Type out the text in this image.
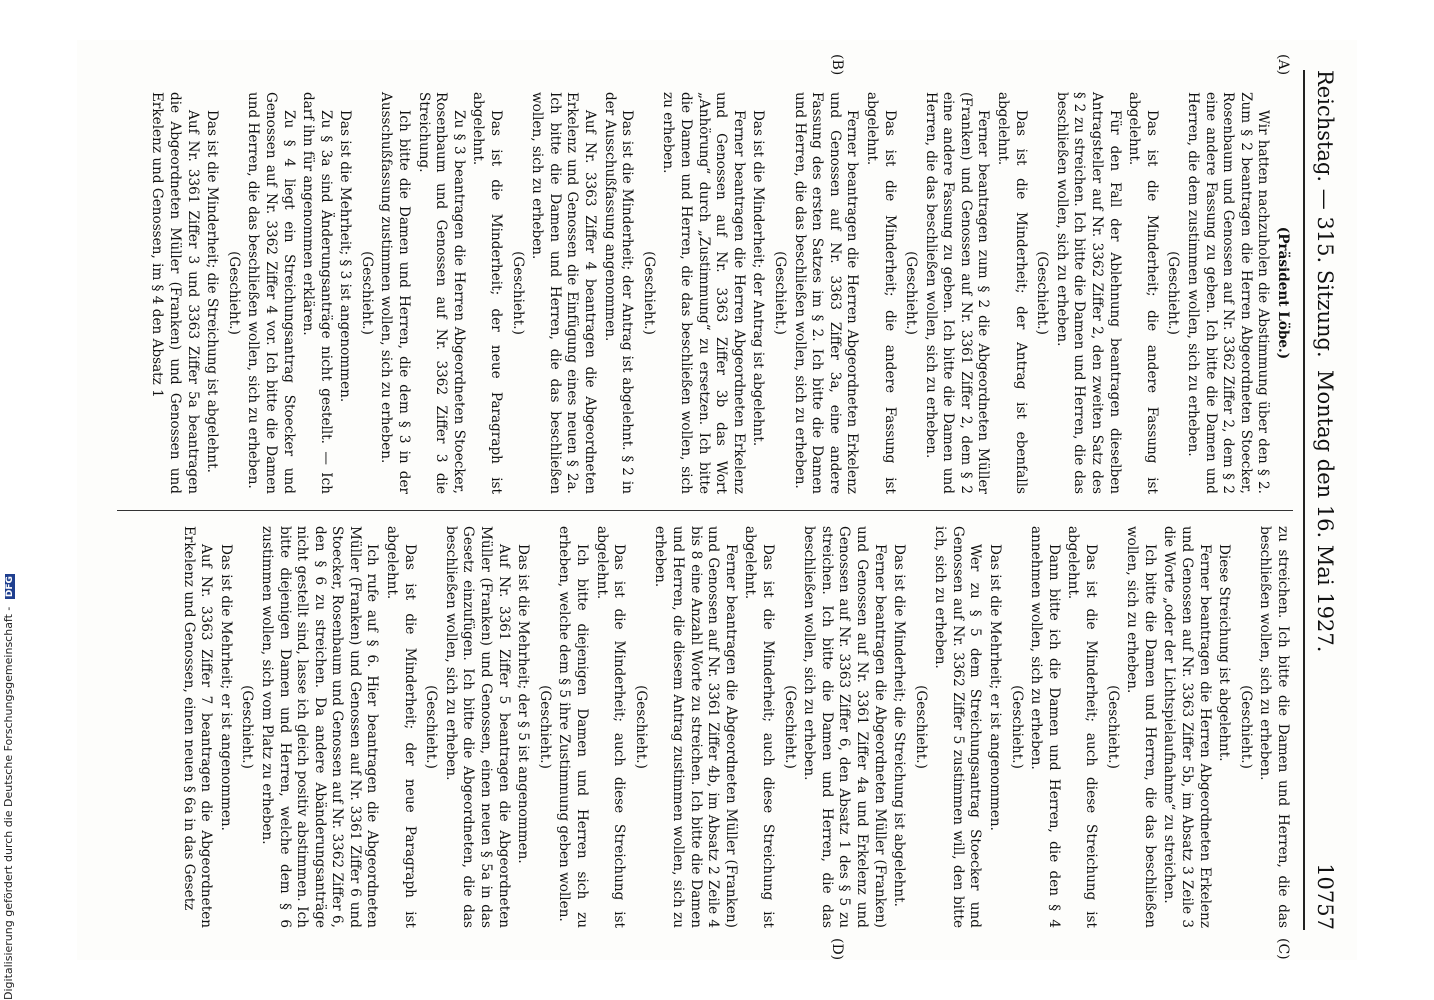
Reichstag. — 315. Sitzung.
Montag den 16. Mai 1927.
10757
(A)
(B)
(C)
(D)

(Präsident Löbe.)

Wir hatten nachzuholen die Abstimmung über den § 2. Zum § 2 beantragen die Herren Abgeordneten Stoecker, Rosenbaum und Genossen auf Nr. 3362 Ziffer 2, dem § 2 eine andere Fassung zu geben. Ich bitte die Damen und Herren, die dem zustimmen wollen, sich zu erheben.

(Geschieht.)

Das ist die Minderheit; die andere Fassung ist abgelehnt.

Für den Fall der Ablehnung beantragen dieselben Antragsteller auf Nr. 3362 Ziffer 2, den zweiten Satz des § 2 zu streichen. Ich bitte die Damen und Herren, die das beschließen wollen, sich zu erheben.

(Geschieht.)

Das ist die Minderheit; der Antrag ist ebenfalls abgelehnt.

Ferner beantragen zum § 2 die Abgeordneten Müller (Franken) und Genossen auf Nr. 3361 Ziffer 2, dem § 2 eine andere Fassung zu geben. Ich bitte die Damen und Herren, die das beschließen wollen, sich zu erheben.

(Geschieht.)

Das ist die Minderheit; die andere Fassung ist abgelehnt.

Ferner beantragen die Herren Abgeordneten Erkelenz und Genossen auf Nr. 3363 Ziffer 3a, eine andere Fassung des ersten Satzes im § 2. Ich bitte die Damen und Herren, die das beschließen wollen, sich zu erheben.

(Geschieht.)

Das ist die Minderheit; der Antrag ist abgelehnt.

Ferner beantragen die Herren Abgeordneten Erkelenz und Genossen auf Nr. 3363 Ziffer 3b das Wort „Anhörung“ durch „Zustimmung“ zu ersetzen. Ich bitte die Damen und Herren, die das beschließen wollen, sich zu erheben.

(Geschieht.)

Das ist die Minderheit; der Antrag ist abgelehnt. § 2 in der Ausschußfassung angenommen.

Auf Nr. 3363 Ziffer 4 beantragen die Abgeordneten Erkelenz und Genossen die Einfügung eines neuen § 2a. Ich bitte die Damen und Herren, die das beschließen wollen, sich zu erheben.

(Geschieht.)

Das ist die Minderheit; der neue Paragraph ist abgelehnt.

Zu § 3 beantragen die Herren Abgeordneten Stoecker, Rosenbaum und Genossen auf Nr. 3362 Ziffer 3 die Streichung.

Ich bitte die Damen und Herren, die dem § 3 in der Ausschußfassung zustimmen wollen, sich zu erheben.

(Geschieht.)

Das ist die Mehrheit; § 3 ist angenommen.

Zu § 3a sind Änderungsanträge nicht gestellt. — Ich darf ihn für angenommen erklären.

Zu § 4 liegt ein Streichungsantrag Stoecker und Genossen auf Nr. 3362 Ziffer 4 vor. Ich bitte die Damen und Herren, die das beschließen wollen, sich zu erheben.

(Geschieht.)

Das ist die Minderheit; die Streichung ist abgelehnt.

Auf Nr. 3361 Ziffer 3 und 3363 Ziffer 5a beantragen die Abgeordneten Müller (Franken) und Genossen und Erkelenz und Genossen, im § 4 den Absatz 1

zu streichen. Ich bitte die Damen und Herren, die das beschließen wollen, sich zu erheben.

(Geschieht.)

Diese Streichung ist abgelehnt.

Ferner beantragen die Herren Abgeordneten Erkelenz und Genossen auf Nr. 3363 Ziffer 5b, im Absatz 3 Zeile 3 die Worte „oder der Lichtspielaufnahme“ zu streichen.

Ich bitte die Damen und Herren, die das beschließen wollen, sich zu erheben.

(Geschieht.)

Das ist die Minderheit; auch diese Streichung ist abgelehnt.

Dann bitte ich die Damen und Herren, die den § 4 annehmen wollen, sich zu erheben.

(Geschieht.)

Das ist die Mehrheit; er ist angenommen.

Wer zu § 5 dem Streichungsantrag Stoecker und Genossen auf Nr. 3362 Ziffer 5 zustimmen will, den bitte ich, sich zu erheben.

(Geschieht.)

Das ist die Minderheit; die Streichung ist abgelehnt.

Ferner beantragen die Abgeordneten Müller (Franken) und Genossen auf Nr. 3361 Ziffer 4a und Erkelenz und Genossen auf Nr. 3363 Ziffer 6, den Absatz 1 des § 5 zu streichen. Ich bitte die Damen und Herren, die das beschließen wollen, sich zu erheben.

(Geschieht.)

Das ist die Minderheit; auch diese Streichung ist abgelehnt.

Ferner beantragen die Abgeordneten Müller (Franken) und Genossen auf Nr. 3361 Ziffer 4b, im Absatz 2 Zeile 4 bis 8 eine Anzahl Worte zu streichen. Ich bitte die Damen und Herren, die diesem Antrag zustimmen wollen, sich zu erheben.

(Geschieht.)

Das ist die Minderheit; auch diese Streichung ist abgelehnt.

Ich bitte diejenigen Damen und Herren sich zu erheben, welche dem § 5 ihre Zustimmung geben wollen.

(Geschieht.)

Das ist die Mehrheit; der § 5 ist angenommen.

Auf Nr. 3361 Ziffer 5 beantragen die Abgeordneten Müller (Franken) und Genossen, einen neuen § 5a in das Gesetz einzufügen. Ich bitte die Abgeordneten, die das beschließen wollen, sich zu erheben.

(Geschieht.)

Das ist die Minderheit; der neue Paragraph ist abgelehnt.

Ich rufe auf § 6. Hier beantragen die Abgeordneten Müller (Franken) und Genossen auf Nr. 3361 Ziffer 6 und Stoecker, Rosenbaum und Genossen auf Nr. 3362 Ziffer 6, den § 6 zu streichen. Da andere Abänderungsanträge nicht gestellt sind, lasse ich gleich positiv abstimmen. Ich bitte diejenigen Damen und Herren, welche dem § 6 zustimmen wollen, sich vom Platz zu erheben.

(Geschieht.)

Das ist die Mehrheit; er ist angenommen.

Auf Nr. 3363 Ziffer 7 beantragen die Abgeordneten Erkelenz und Genossen, einen neuen § 6a in das Gesetz

Digitalisierung gefördert durch die Deutsche Forschungsgemeinschaft - DFG
